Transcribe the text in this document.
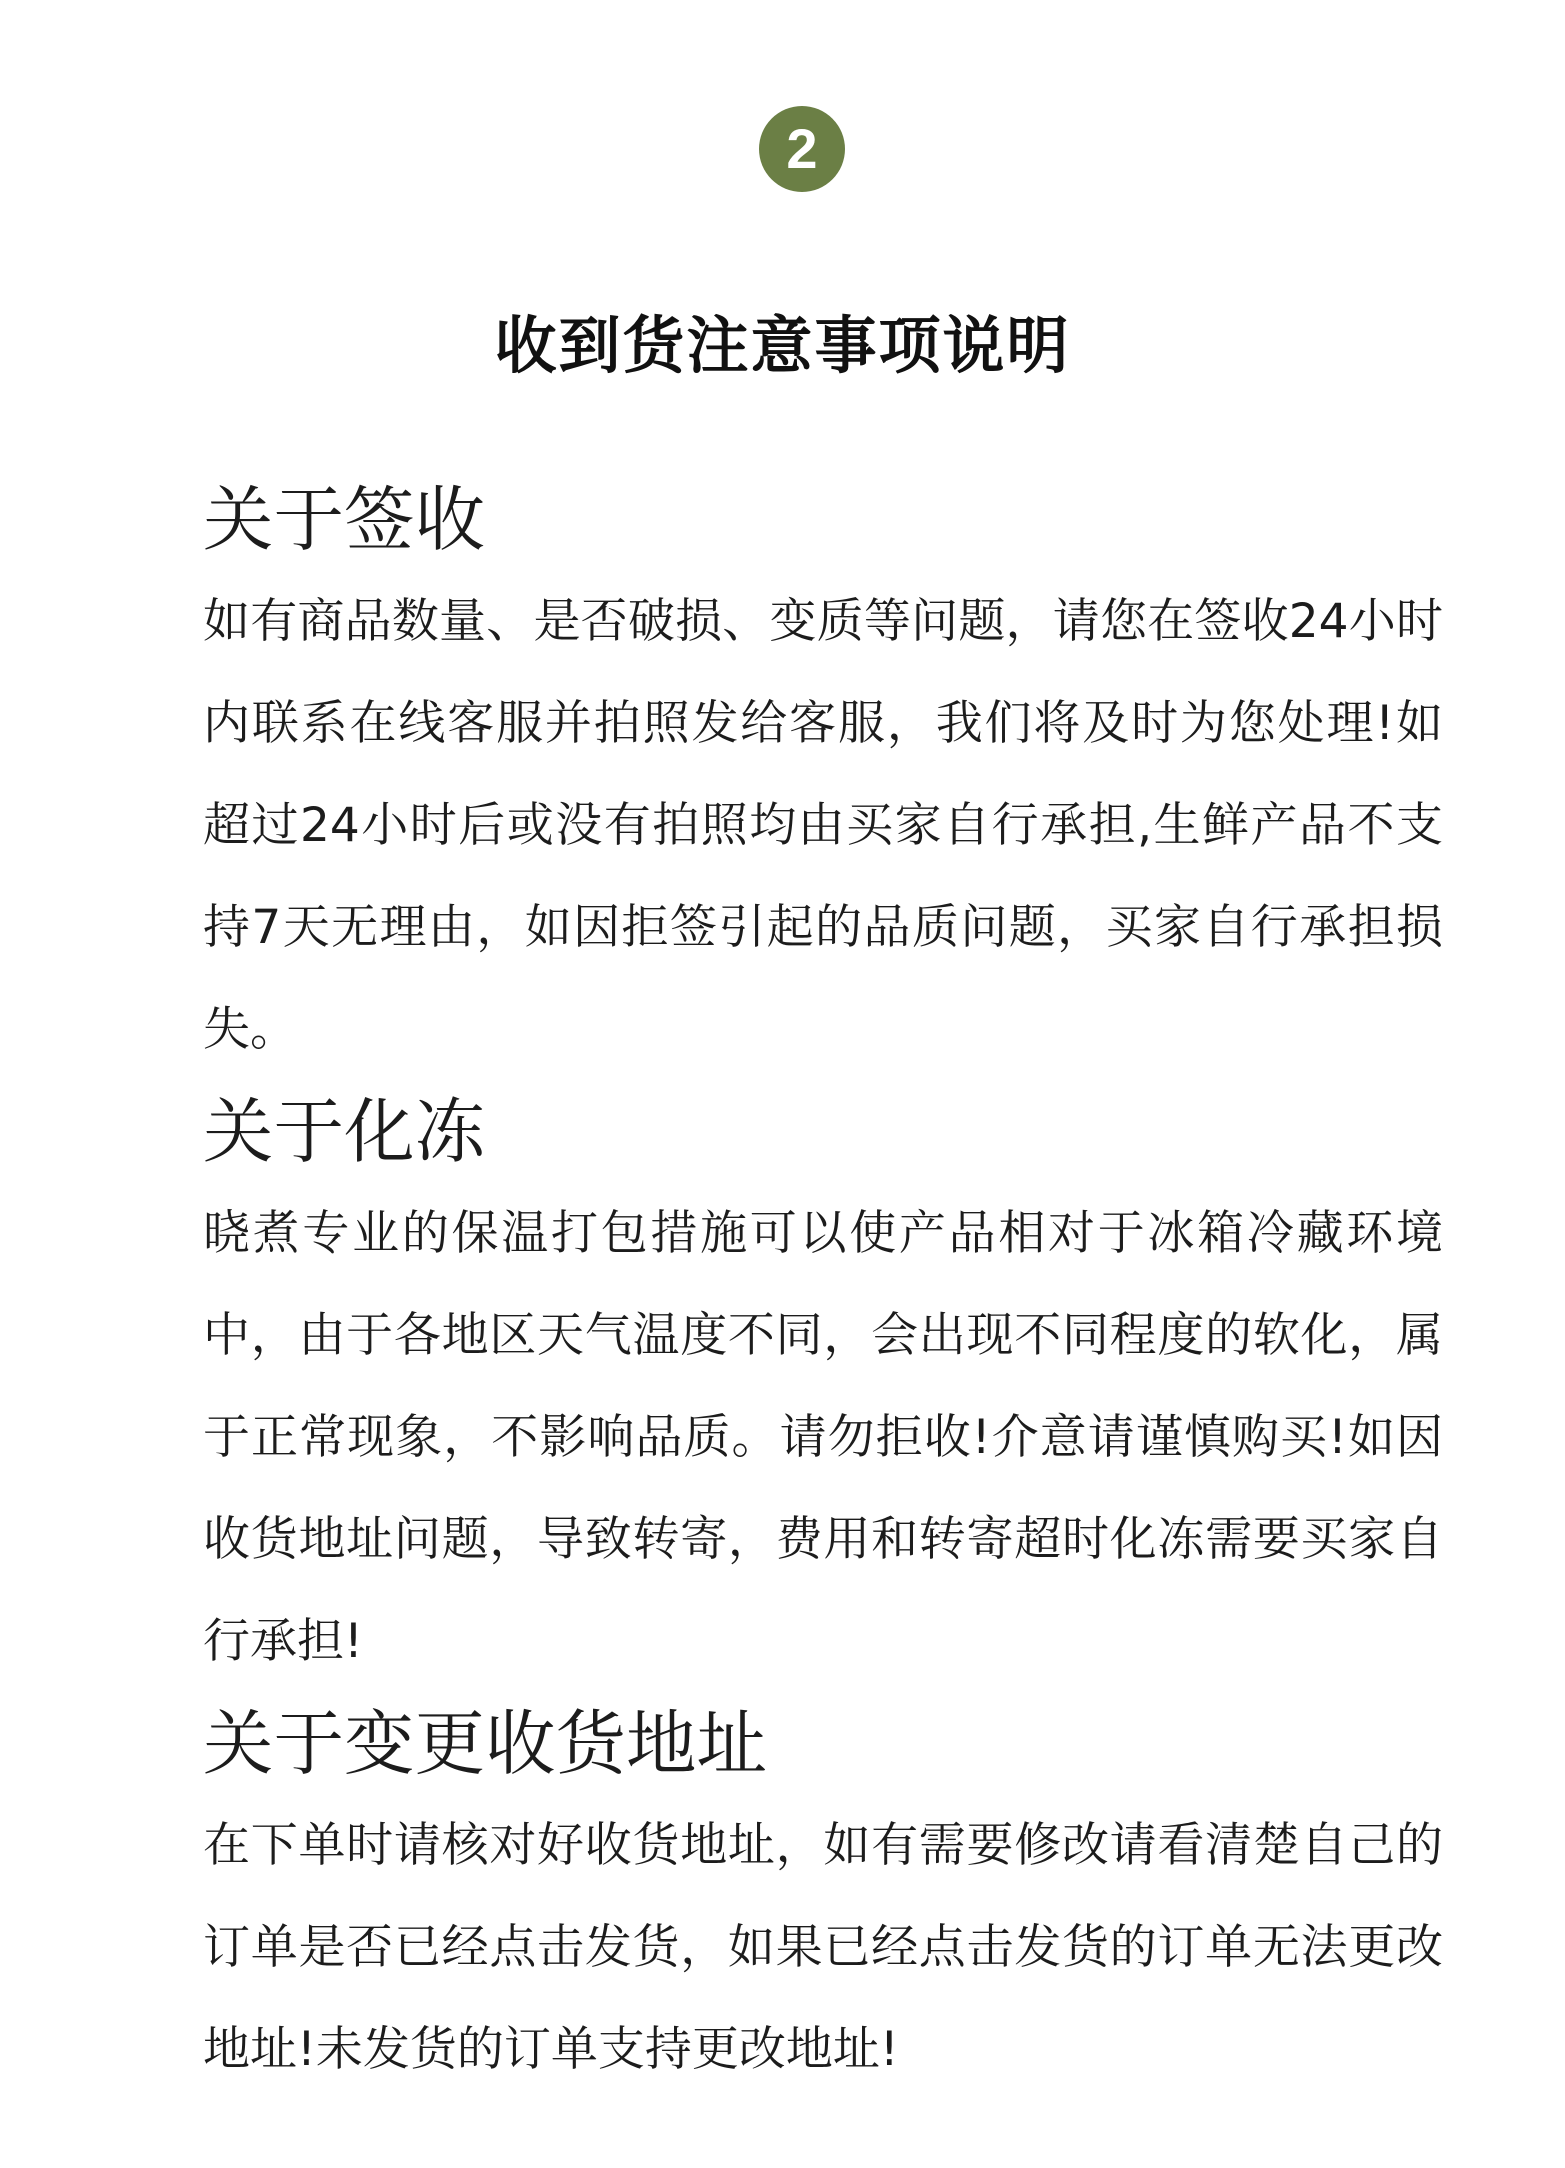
2
收到货注意事项说明
关于签收

如有商品数量、是否破损、变质等问题，请您在签收24小时内联系在线客服并拍照发给客服，我们将及时为您处理!如超过24小时后或没有拍照均由买家自行承担,生鲜产品不支持7天无理由，如因拒签引起的品质问题，买家自行承担损失。

关于化冻

晓煮专业的保温打包措施可以使产品相对于冰箱冷藏环境中，由于各地区天气温度不同，会出现不同程度的软化，属于正常现象，不影响品质。请勿拒收!介意请谨慎购买!如因收货地址问题，导致转寄，费用和转寄超时化冻需要买家自行承担!

关于变更收货地址

在下单时请核对好收货地址，如有需要修改请看清楚自己的订单是否已经点击发货，如果已经点击发货的订单无法更改地址!未发货的订单支持更改地址!
